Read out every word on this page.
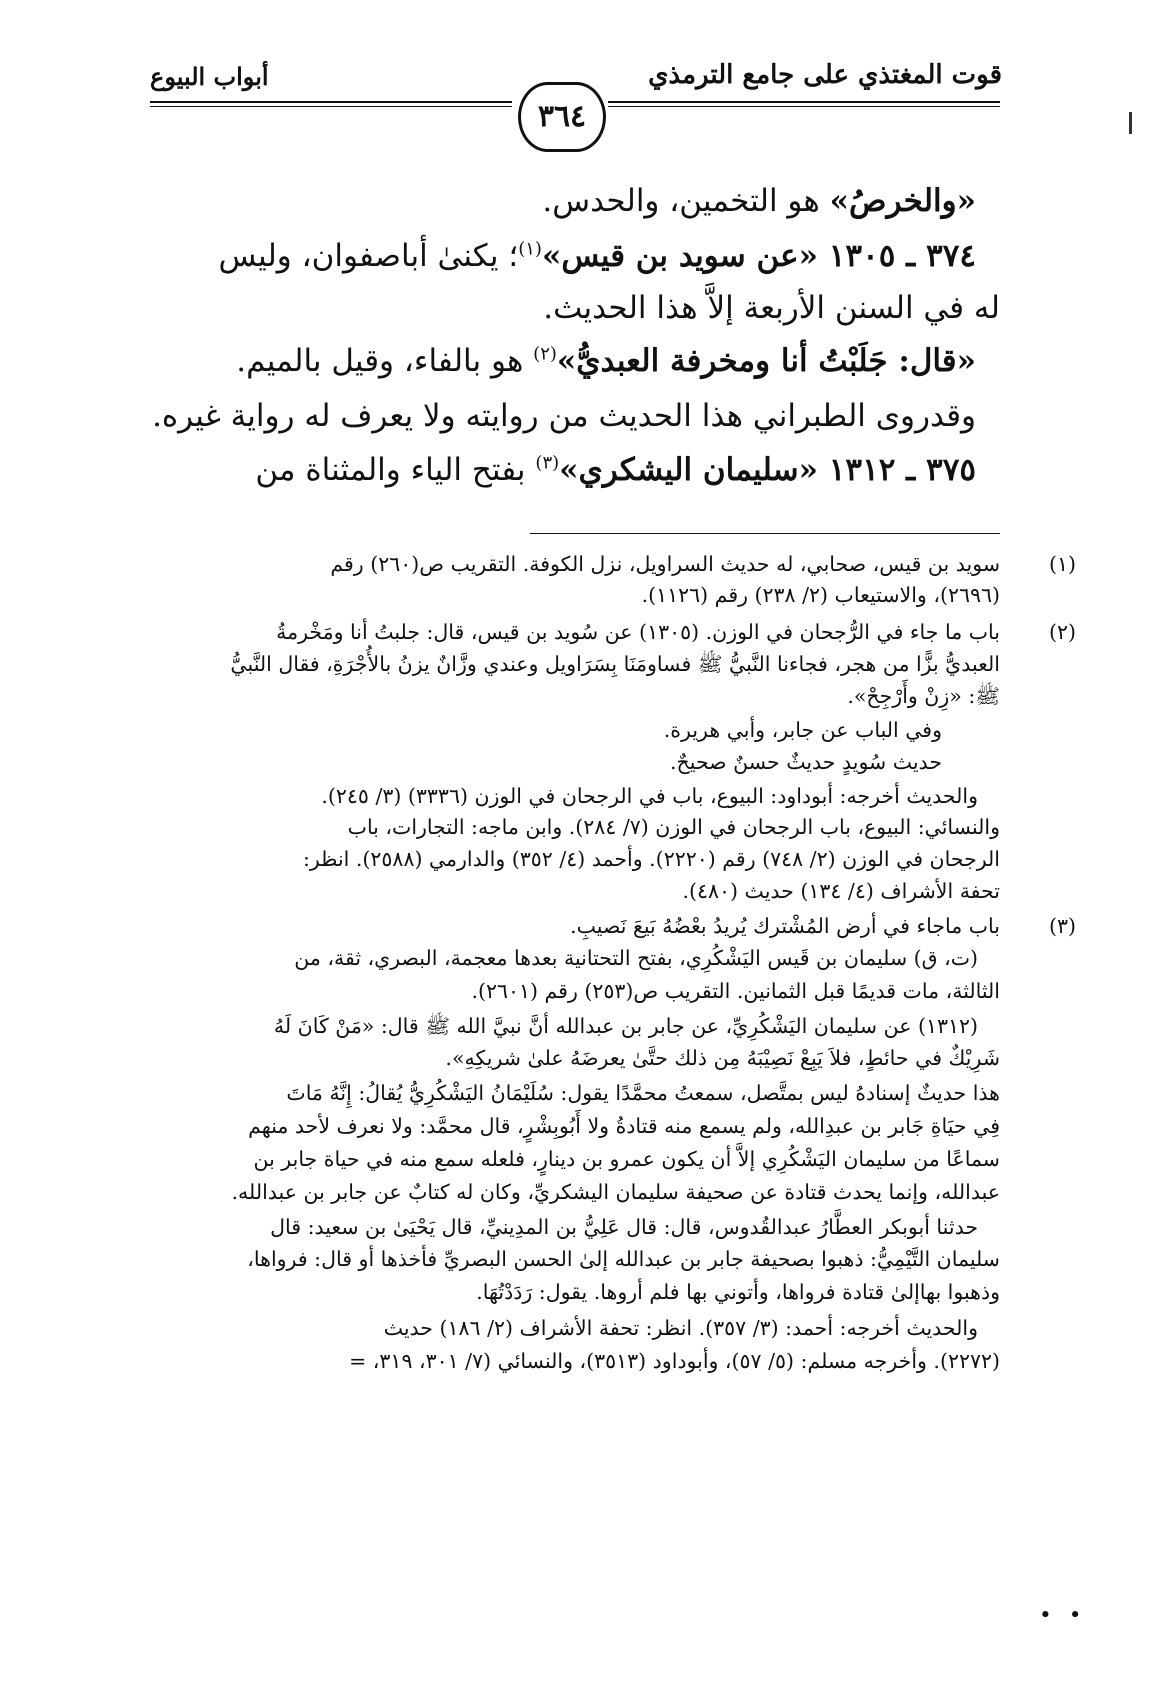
قوت المغتذي على جامع الترمذي
٣٦٤
أبواب البيوع
«والخرصُ» هو التخمين، والحدس.
٣٧٤ ـ ١٣٠٥ «عن سويد بن قيس»$^{(١)}$؛ يكنىٰ أباصفوان، وليس
له في السنن الأربعة إلاَّ هذا الحديث.
«قال: جَلَبْتُ أنا ومخرفة العبديُّ»$^{(٢)}$ هو بالفاء، وقيل بالميم.
وقدروى الطبراني هذا الحديث من روايته ولا يعرف له رواية غيره.
٣٧٥ ـ ١٣١٢ «سليمان اليشكري»$^{(٣)}$ بفتح الياء والمثناة من
(١)
سويد بن قيس، صحابي، له حديث السراويل، نزل الكوفة. التقريب ص(٢٦٠) رقم
(٢٦٩٦)، والاستيعاب (٢/ ٢٣٨) رقم (١١٢٦).
(٢)
باب ما جاء في الرُّجحان في الوزن. (١٣٠٥) عن سُويد بن قيس، قال: جلبتُ أنا ومَخْرمةُ
العبديُّ بزًّا من هجر، فجاءنا النَّبيُّ ﷺ فساومَنَا بِسَرَاويل وعندي وزَّانٌ يزنُ بالأُجْرَةِ، فقال النَّبيُّ
ﷺ: «زِنْ وأَرْجِحْ».
وفي الباب عن جابر، وأبي هريرة.
حديث سُويدٍ حديثٌ حسنٌ صحيحٌ.
والحديث أخرجه: أبوداود: البيوع، باب في الرجحان في الوزن (٣٣٣٦) (٣/ ٢٤٥).
والنسائي: البيوع، باب الرجحان في الوزن (٧/ ٢٨٤). وابن ماجه: التجارات، باب
الرجحان في الوزن (٢/ ٧٤٨) رقم (٢٢٢٠). وأحمد (٤/ ٣٥٢) والدارمي (٢٥٨٨). انظر:
تحفة الأشراف (٤/ ١٣٤) حديث (٤٨٠).
(٣)
باب ماجاء في أرض المُشْترك يُريدُ بعْضُهُ بَيعَ نَصيبِ.
(ت، ق) سليمان بن قَيس اليَشْكُرِي، بفتح التحتانية بعدها معجمة، البصري، ثقة، من
الثالثة، مات قديمًا قبل الثمانين. التقريب ص(٢٥٣) رقم (٢٦٠١).
(١٣١٢) عن سليمان اليَشْكُرِيِّ، عن جابر بن عبدالله أنَّ نبيَّ الله ﷺ قال: «مَنْ كَانَ لَهُ
شَرِيْكٌ في حائطٍ، فلاَ يَبِعْ نَصِيْبَهُ مِن ذلك حتَّىٰ يعرضَهُ علىٰ شريكِهِ».
هذا حديثٌ إسنادهُ ليس بمتَّصل، سمعتُ محمَّدًا يقول: سُلَيْمَانُ اليَشْكُرِيُّ يُقالُ: إِنَّهُ مَاتَ
فِي حيَاةِ جَابر بن عبدِالله، ولم يسمع منه قتادةُ ولا أَبُوبِشْرٍ، قال محمَّد: ولا نعرف لأحد منهم
سماعًا من سليمان اليَشْكُرِي إلاَّ أن يكون عمرو بن دينارٍ، فلعله سمع منه في حياة جابر بن
عبدالله، وإنما يحدث قتادة عن صحيفة سليمان اليشكريِّ، وكان له كتابٌ عن جابر بن عبدالله.
حدثنا أبوبكر العطَّارُ عبدالقُدوس، قال: قال عَلِيُّ بن المدِينيِّ، قال يَحْيَىٰ بن سعيد: قال
سليمان التَّيْمِيُّ: ذهبوا بصحيفة جابر بن عبدالله إلىٰ الحسن البصريِّ فأخذها أو قال: فرواها،
وذهبوا بهاإلىٰ قتادة فرواها، وأتوني بها فلم أروها. يقول: رَدَدْتُهَا.
والحديث أخرجه: أحمد: (٣/ ٣٥٧). انظر: تحفة الأشراف (٢/ ١٨٦) حديث
(٢٢٧٢). وأخرجه مسلم: (٥/ ٥٧)، وأبوداود (٣٥١٣)، والنسائي (٧/ ٣٠١، ٣١٩، =
∙ ∙
